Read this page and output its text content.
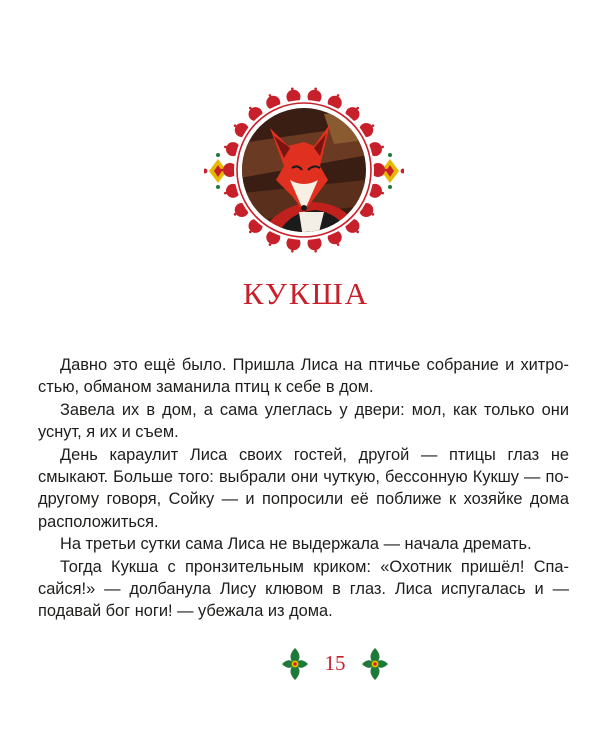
КУКША

Давно это ещё было. Пришла Лиса на птичье собрание и хитростью, обманом заманила птиц к себе в дом.

Завела их в дом, а сама улеглась у двери: мол, как только они уснут, я их и съем.

День караулит Лиса своих гостей, другой — птицы глаз не смыкают. Больше того: выбрали они чуткую, бессонную Кукшу — по-другому говоря, Сойку — и попросили её поближе к хозяйке дома расположиться.

На третьи сутки сама Лиса не выдержала — начала дремать.

Тогда Кукша с пронзительным криком: «Охотник пришёл! Спасайся!» — долбанула Лису клювом в глаз. Лиса испугалась и — подавай бог ноги! — убежала из дома.

15
